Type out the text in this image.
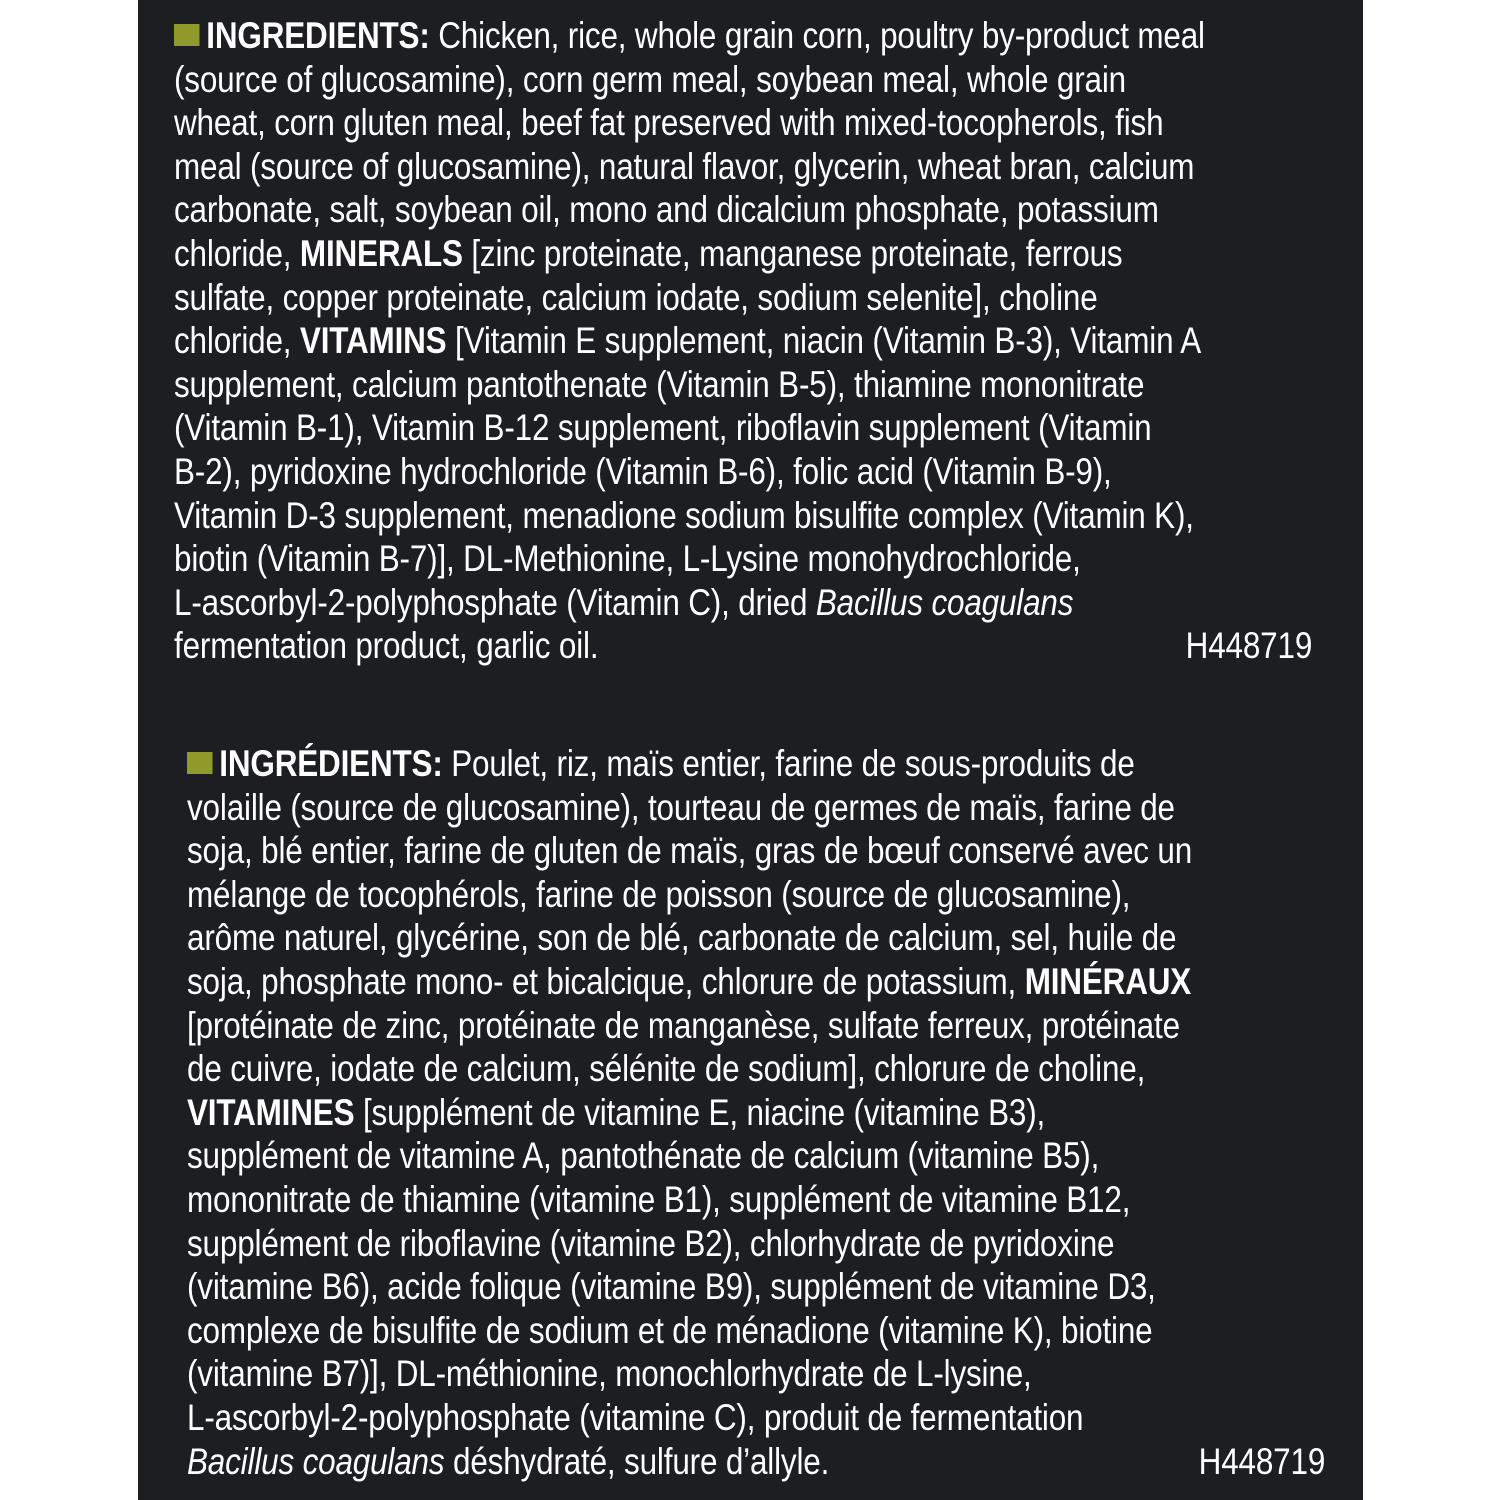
INGREDIENTS: Chicken, rice, whole grain corn, poultry by-product meal
(source of glucosamine), corn germ meal, soybean meal, whole grain
wheat, corn gluten meal, beef fat preserved with mixed-tocopherols, fish
meal (source of glucosamine), natural flavor, glycerin, wheat bran, calcium
carbonate, salt, soybean oil, mono and dicalcium phosphate, potassium
chloride, MINERALS [zinc proteinate, manganese proteinate, ferrous
sulfate, copper proteinate, calcium iodate, sodium selenite], choline
chloride, VITAMINS [Vitamin E supplement, niacin (Vitamin B-3), Vitamin A
supplement, calcium pantothenate (Vitamin B-5), thiamine mononitrate
(Vitamin B-1), Vitamin B-12 supplement, riboflavin supplement (Vitamin
B-2), pyridoxine hydrochloride (Vitamin B-6), folic acid (Vitamin B-9),
Vitamin D-3 supplement, menadione sodium bisulfite complex (Vitamin K),
biotin (Vitamin B-7)], DL-Methionine, L-Lysine monohydrochloride,
L-ascorbyl-2-polyphosphate (Vitamin C), dried Bacillus coagulans
fermentation product, garlic oil.	H448719
INGRÉDIENTS: Poulet, riz, maïs entier, farine de sous-produits de
volaille (source de glucosamine), tourteau de germes de maïs, farine de
soja, blé entier, farine de gluten de maïs, gras de bœuf conservé avec un
mélange de tocophérols, farine de poisson (source de glucosamine),
arôme naturel, glycérine, son de blé, carbonate de calcium, sel, huile de
soja, phosphate mono- et bicalcique, chlorure de potassium, MINÉRAUX
[protéinate de zinc, protéinate de manganèse, sulfate ferreux, protéinate
de cuivre, iodate de calcium, sélénite de sodium], chlorure de choline,
VITAMINES [supplément de vitamine E, niacine (vitamine B3),
supplément de vitamine A, pantothénate de calcium (vitamine B5),
mononitrate de thiamine (vitamine B1), supplément de vitamine B12,
supplément de riboflavine (vitamine B2), chlorhydrate de pyridoxine
(vitamine B6), acide folique (vitamine B9), supplément de vitamine D3,
complexe de bisulfite de sodium et de ménadione (vitamine K), biotine
(vitamine B7)], DL-méthionine, monochlorhydrate de L-lysine,
L-ascorbyl-2-polyphosphate (vitamine C), produit de fermentation
Bacillus coagulans déshydraté, sulfure d’allyle.	H448719
